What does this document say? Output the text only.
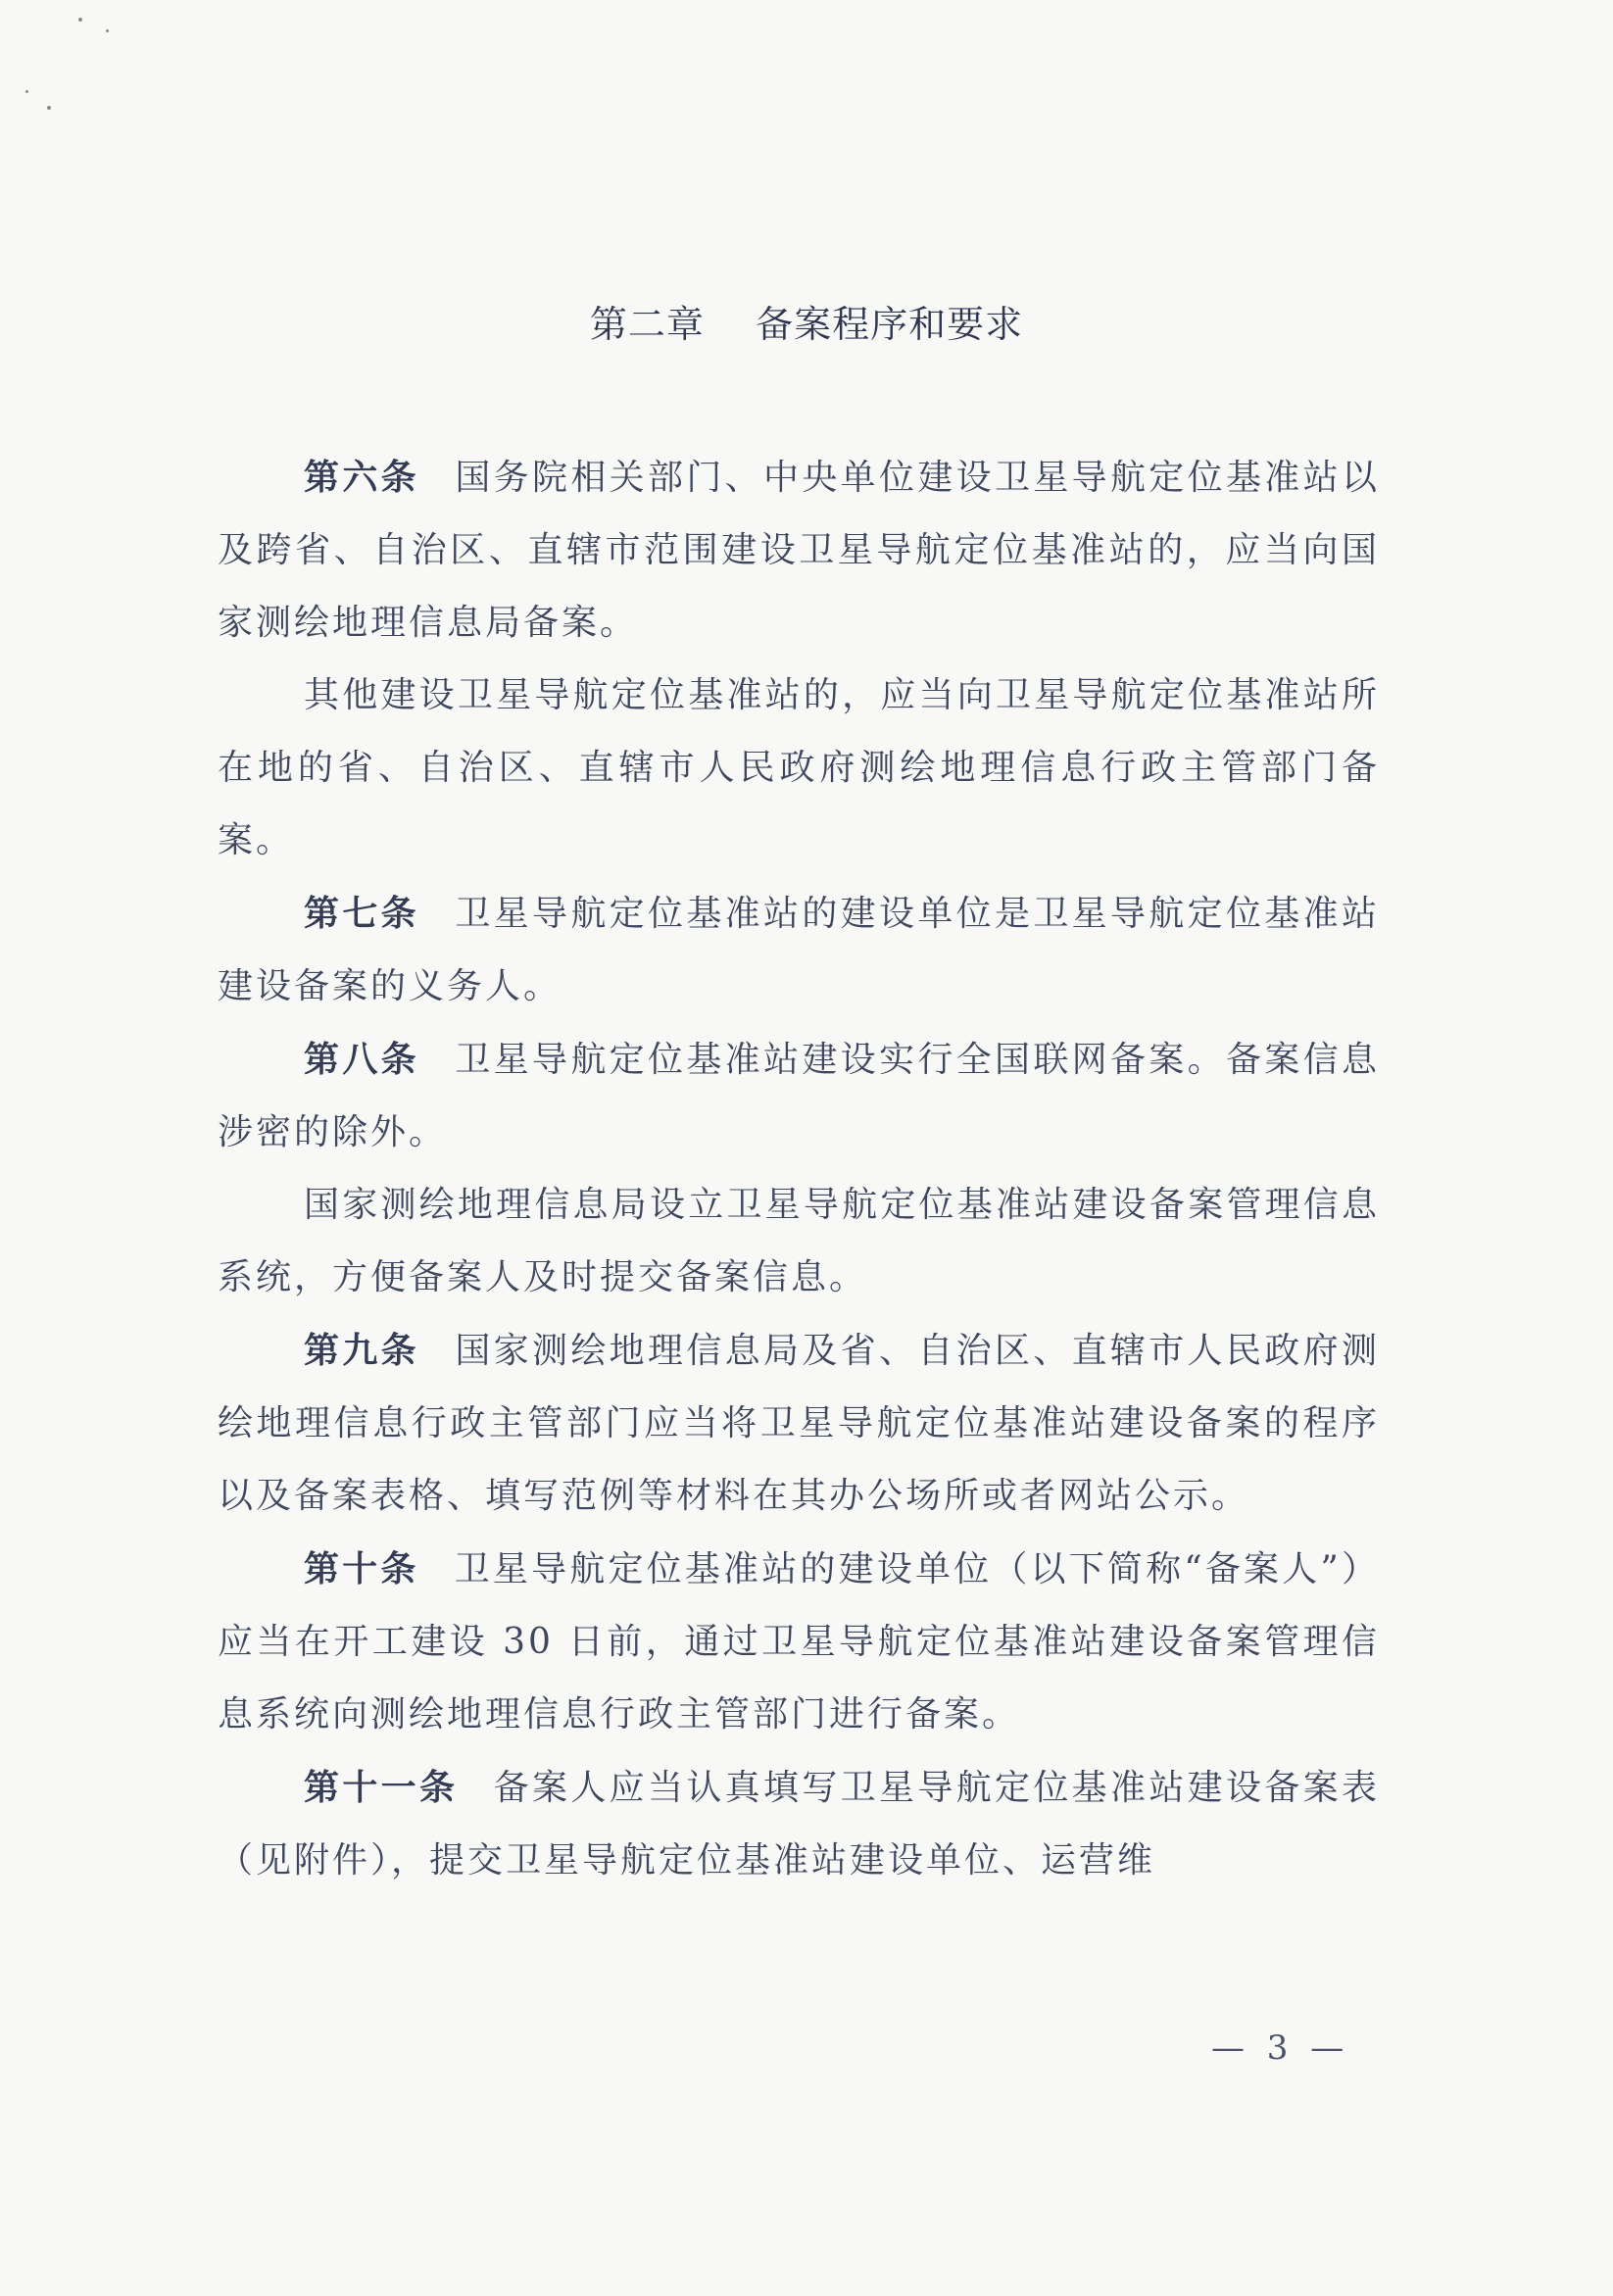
第二章    备案程序和要求

第六条 国务院相关部门、中央单位建设卫星导航定位基准站以及跨省、自治区、直辖市范围建设卫星导航定位基准站的，应当向国家测绘地理信息局备案。

其他建设卫星导航定位基准站的，应当向卫星导航定位基准站所在地的省、自治区、直辖市人民政府测绘地理信息行政主管部门备案。

第七条 卫星导航定位基准站的建设单位是卫星导航定位基准站建设备案的义务人。

第八条 卫星导航定位基准站建设实行全国联网备案。备案信息涉密的除外。

国家测绘地理信息局设立卫星导航定位基准站建设备案管理信息系统，方便备案人及时提交备案信息。

第九条 国家测绘地理信息局及省、自治区、直辖市人民政府测绘地理信息行政主管部门应当将卫星导航定位基准站建设备案的程序以及备案表格、填写范例等材料在其办公场所或者网站公示。

第十条 卫星导航定位基准站的建设单位（以下简称“备案人”）应当在开工建设 30 日前，通过卫星导航定位基准站建设备案管理信息系统向测绘地理信息行政主管部门进行备案。

第十一条 备案人应当认真填写卫星导航定位基准站建设备案表（见附件），提交卫星导航定位基准站建设单位、运营维

— 3 —
